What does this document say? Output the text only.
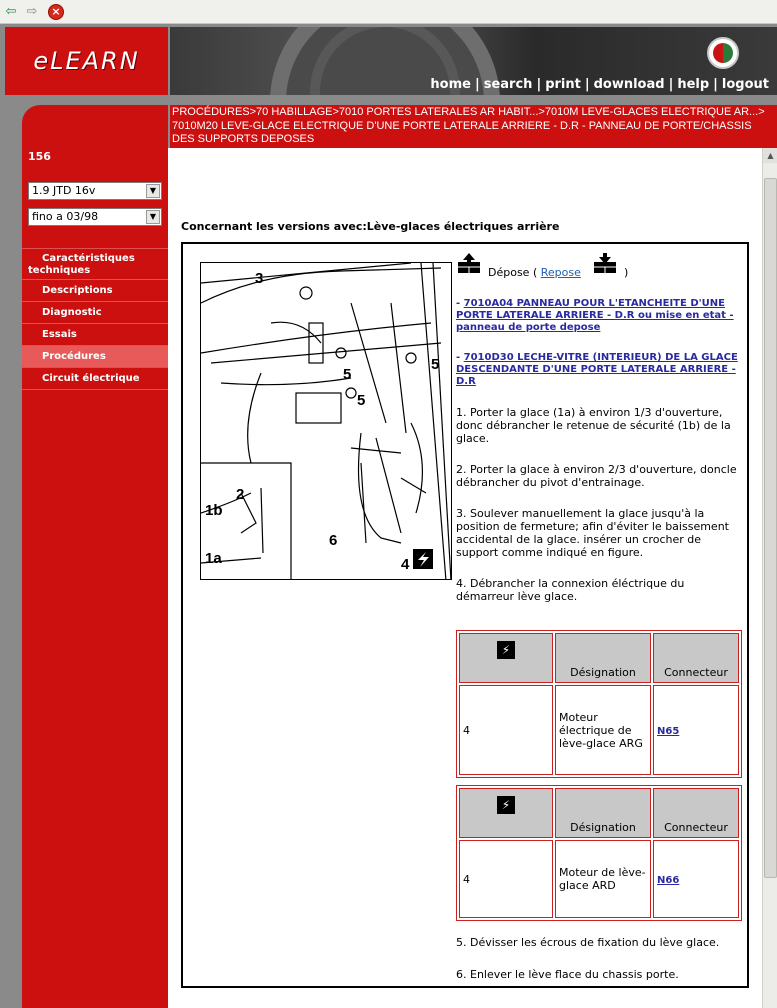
⇦ ⇨	×
eLEARN
home | search | print | download | help | logout
PROCÉDURES>70 HABILLAGE>7010 PORTES LATERALES AR HABIT...>7010M LEVE-GLACES ELECTRIQUE AR...> 7010M20 LEVE-GLACE ELECTRIQUE D'UNE PORTE LATERALE ARRIERE - D.R - PANNEAU DE PORTE/CHASSIS DES SUPPORTS DEPOSES
156
1.9 JTD 16v	▼
fino a 03/98	▼
Caractéristiques
techniques
Descriptions
Diagnostic
Essais
Procédures
Circuit électrique
Concernant les versions avec:Lève-glaces électriques arrière
3
5
5
5
2
1b
1a
6
4
Dépose ( Repose	)
- 7010A04 PANNEAU POUR L'ETANCHEITE D'UNE PORTE LATERALE ARRIERE - D.R ou mise en etat - panneau de porte depose
- 7010D30 LECHE-VITRE (INTERIEUR) DE LA GLACE DESCENDANTE D'UNE PORTE LATERALE ARRIERE - D.R
1. Porter la glace (1a) à environ 1/3 d'ouverture, donc débrancher le retenue de sécurité (1b) de la glace.
2. Porter la glace à environ 2/3 d'ouverture, doncle débrancher du pivot d'entrainage.
3. Soulever manuellement la glace jusqu'à la position de fermeture; afin d'éviter le baissement accidental de la glace. insérer un crocher de support comme indiqué en figure.
4. Débrancher la connexion éléctrique du démarreur lève glace.
⚡	Désignation	Connecteur
4	Moteur électrique de lève-glace ARG	N65
⚡	Désignation	Connecteur
4	Moteur de lève-glace ARD	N66
5. Dévisser les écrous de fixation du lève glace.
6. Enlever le lève flace du chassis porte.
▲
